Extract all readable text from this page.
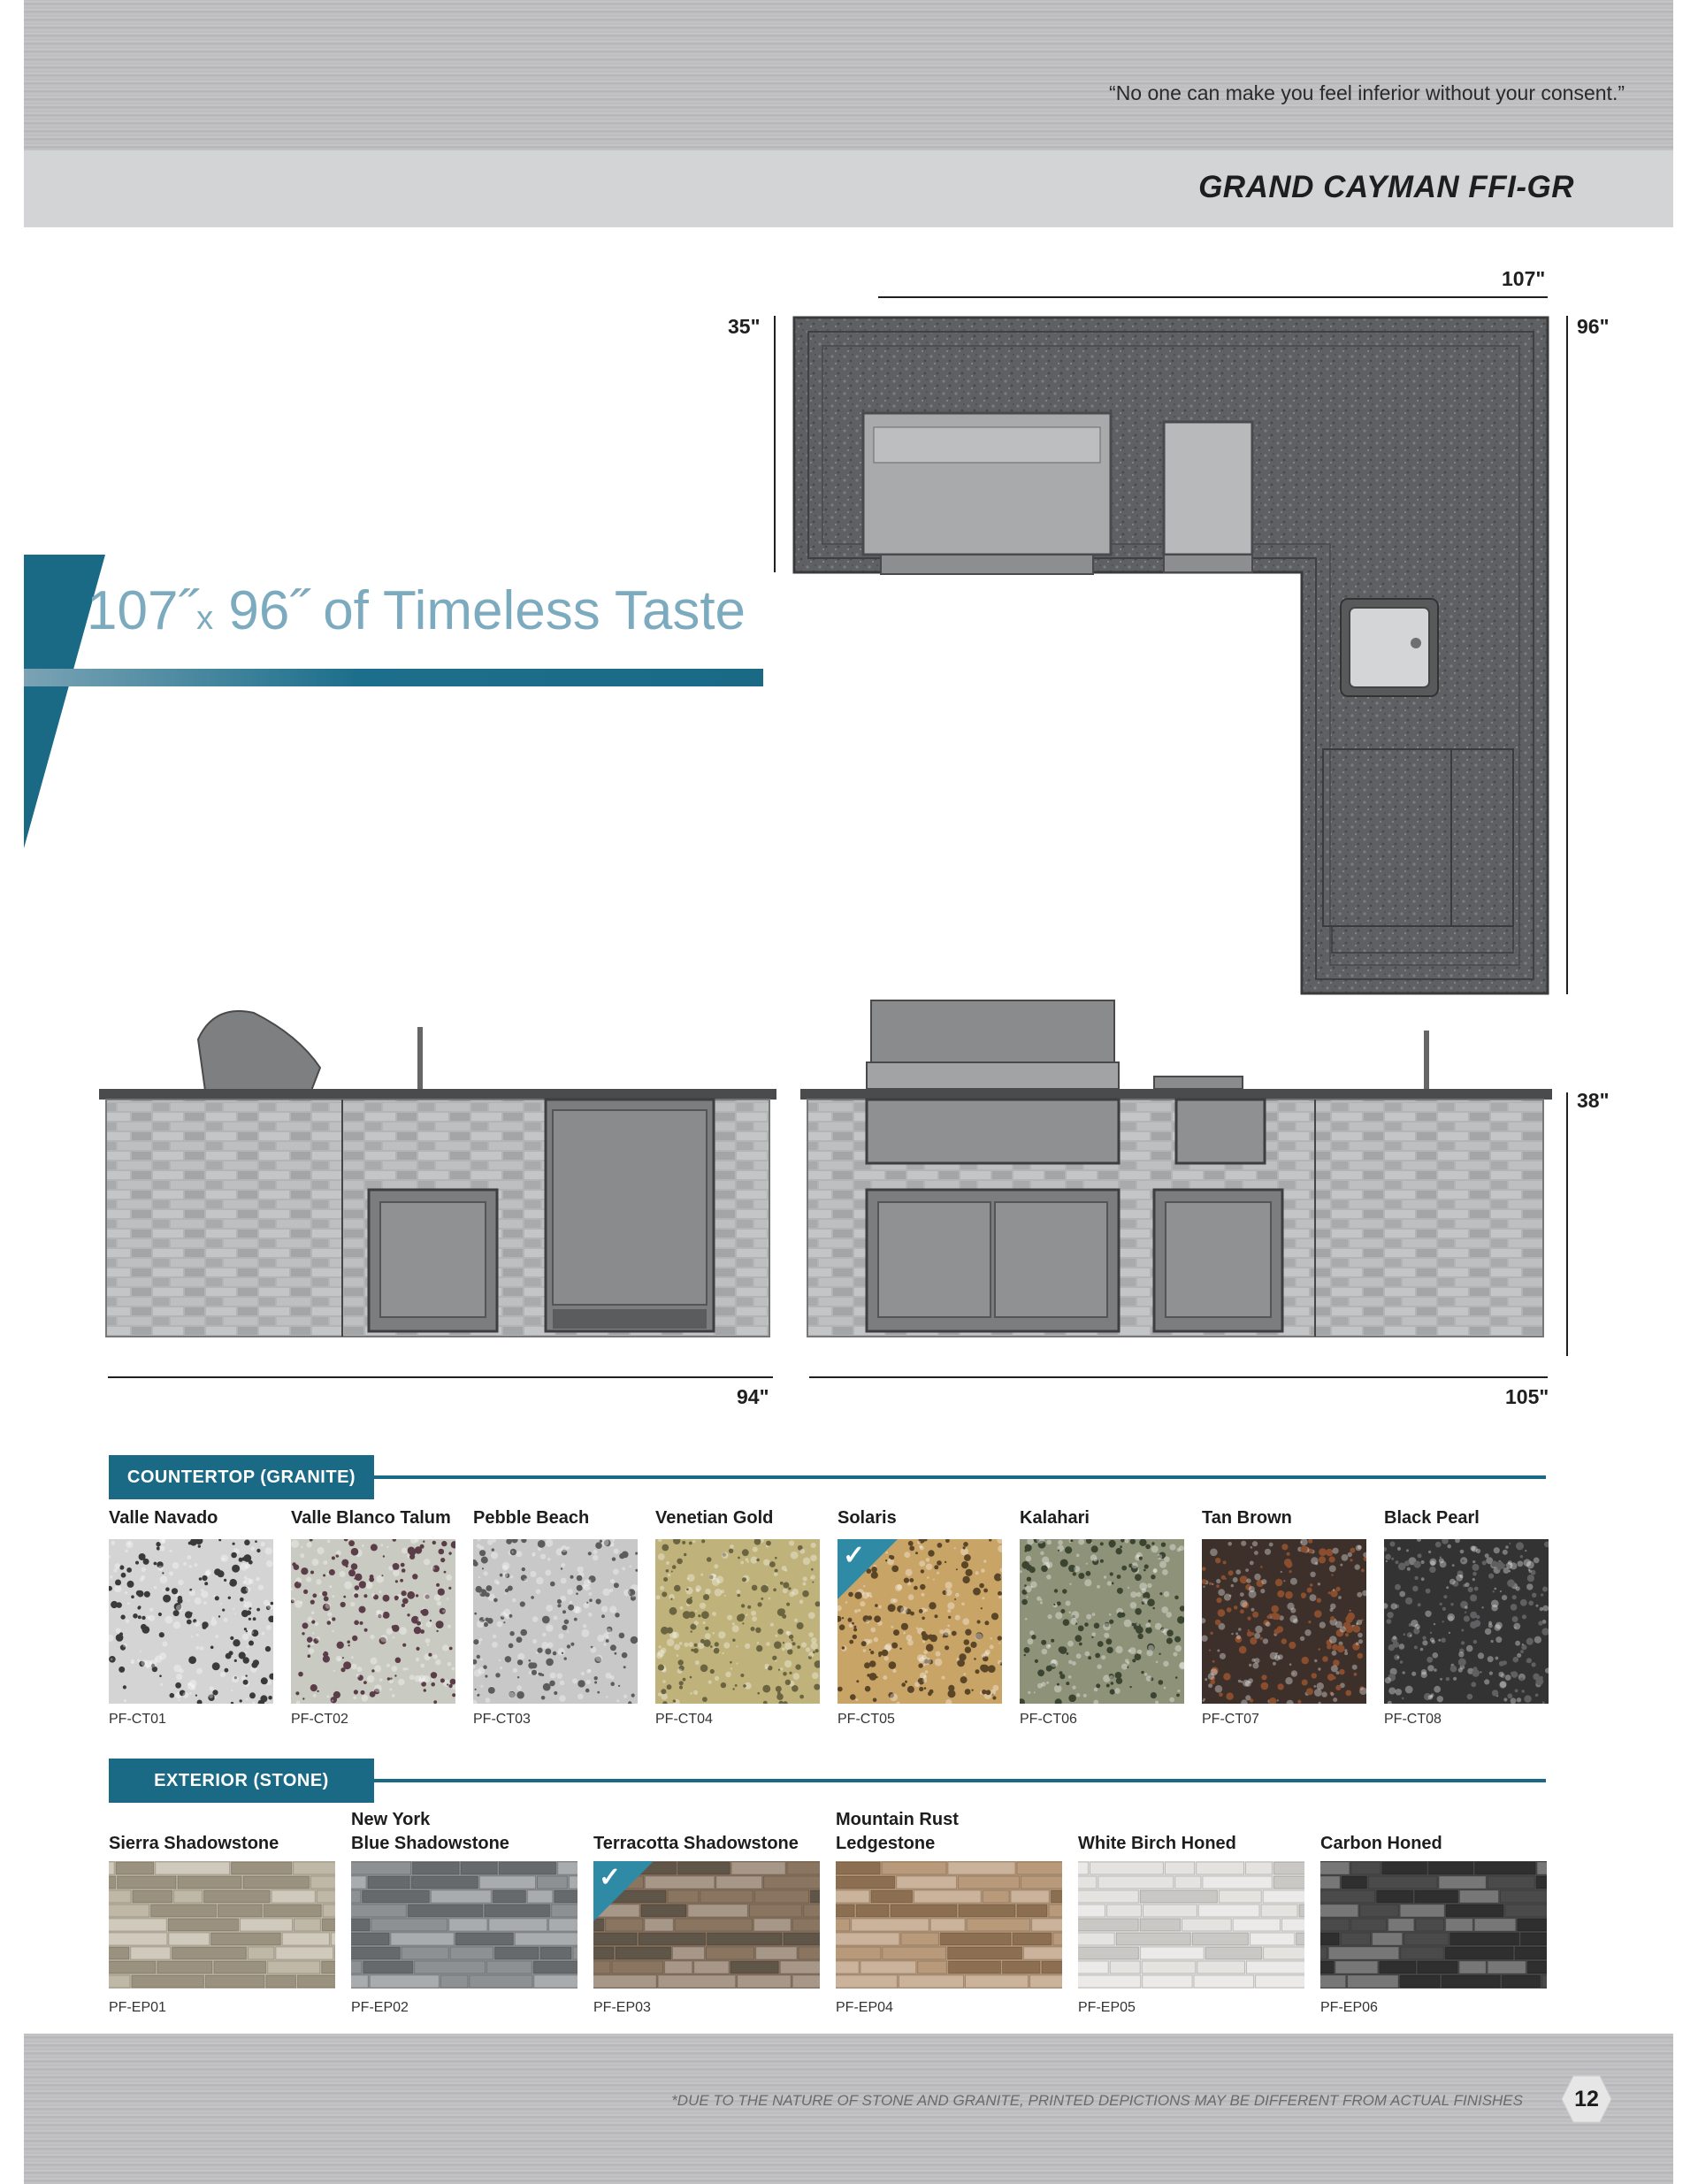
“No one can make you feel inferior without your consent.”
GRAND CAYMAN FFI-GR
107"
35"	96"
107˝x 96˝ of Timeless Taste
94"	105"
38"
COUNTERTOP (GRANITE)
Valle Navado
PF-CT01
Valle Blanco Talum
PF-CT02
Pebble Beach
PF-CT03
Venetian Gold
PF-CT04
Solaris
✓
PF-CT05
Kalahari
PF-CT06
Tan Brown
PF-CT07
Black Pearl
PF-CT08
EXTERIOR (STONE)
Sierra Shadowstone
PF-EP01
New York
Blue Shadowstone
PF-EP02
Terracotta Shadowstone
✓
PF-EP03
Mountain Rust
Ledgestone
PF-EP04
White Birch Honed
PF-EP05
Carbon Honed
PF-EP06
*DUE TO THE NATURE OF STONE AND GRANITE, PRINTED DEPICTIONS MAY BE DIFFERENT FROM ACTUAL FINISHES	12
